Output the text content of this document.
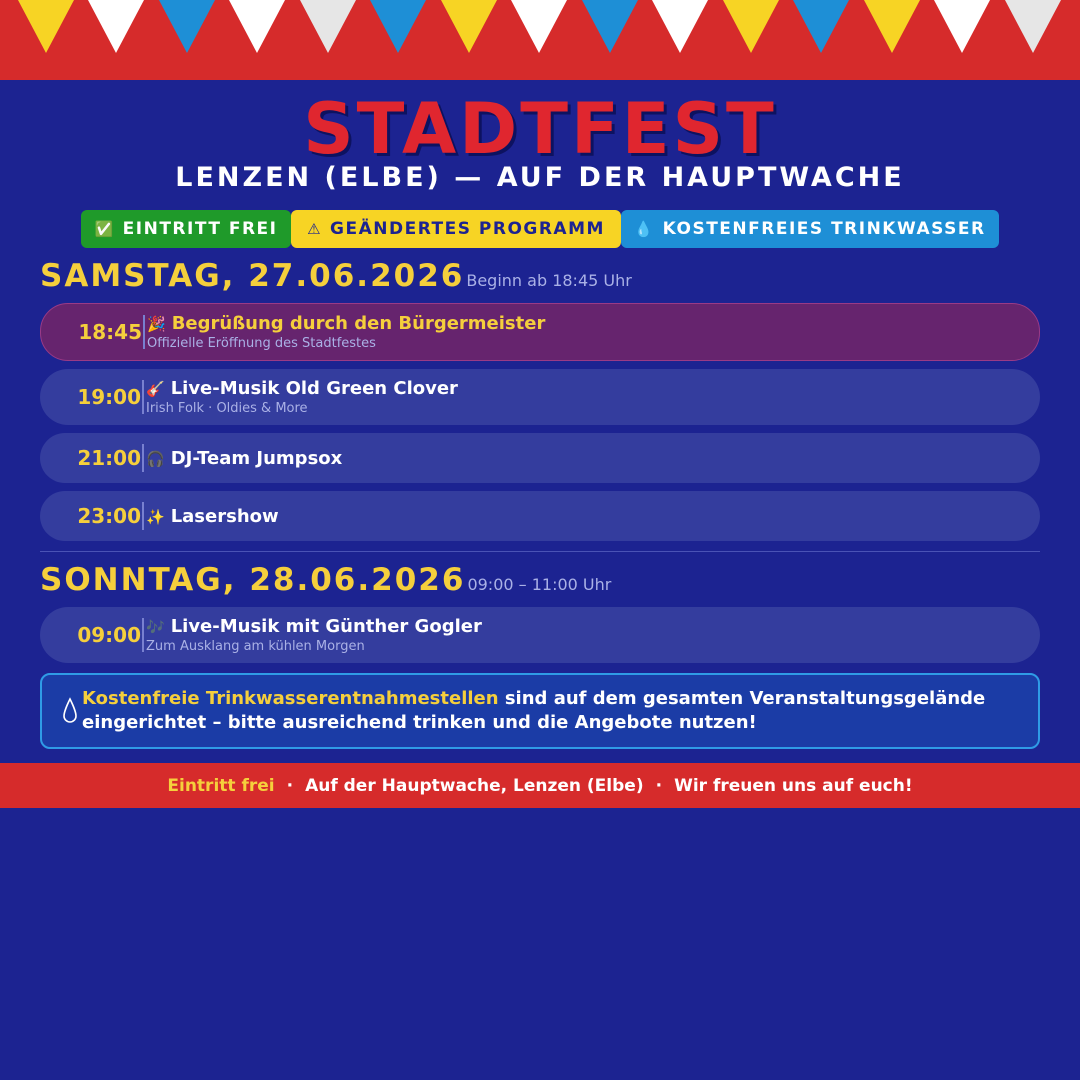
STADTFEST
LENZEN (ELBE) — AUF DER HAUPTWACHE
✅ EINTRITT FREI ⚠ GEÄNDERTES PROGRAMM 💧 KOSTENFREIES TRINKWASSER
SAMSTAG, 27.06.2026 Beginn ab 18:45 Uhr
18:45 🎉 Begrüßung durch den Bürgermeister
Offizielle Eröffnung des Stadtfestes
19:00 🎸 Live-Musik Old Green Clover
Irish Folk · Oldies & More
21:00 🎧 DJ-Team Jumpsox
23:00 ✨ Lasershow
SONNTAG, 28.06.2026 09:00 – 11:00 Uhr
09:00 🎶 Live-Musik mit Günther Gogler
Zum Ausklang am kühlen Morgen
Kostenfreie Trinkwasserentnahmestellen sind auf dem gesamten Veranstaltungsgelände
eingerichtet – bitte ausreichend trinken und die Angebote nutzen!
Eintritt frei · Auf der Hauptwache, Lenzen (Elbe) · Wir freuen uns auf euch!
